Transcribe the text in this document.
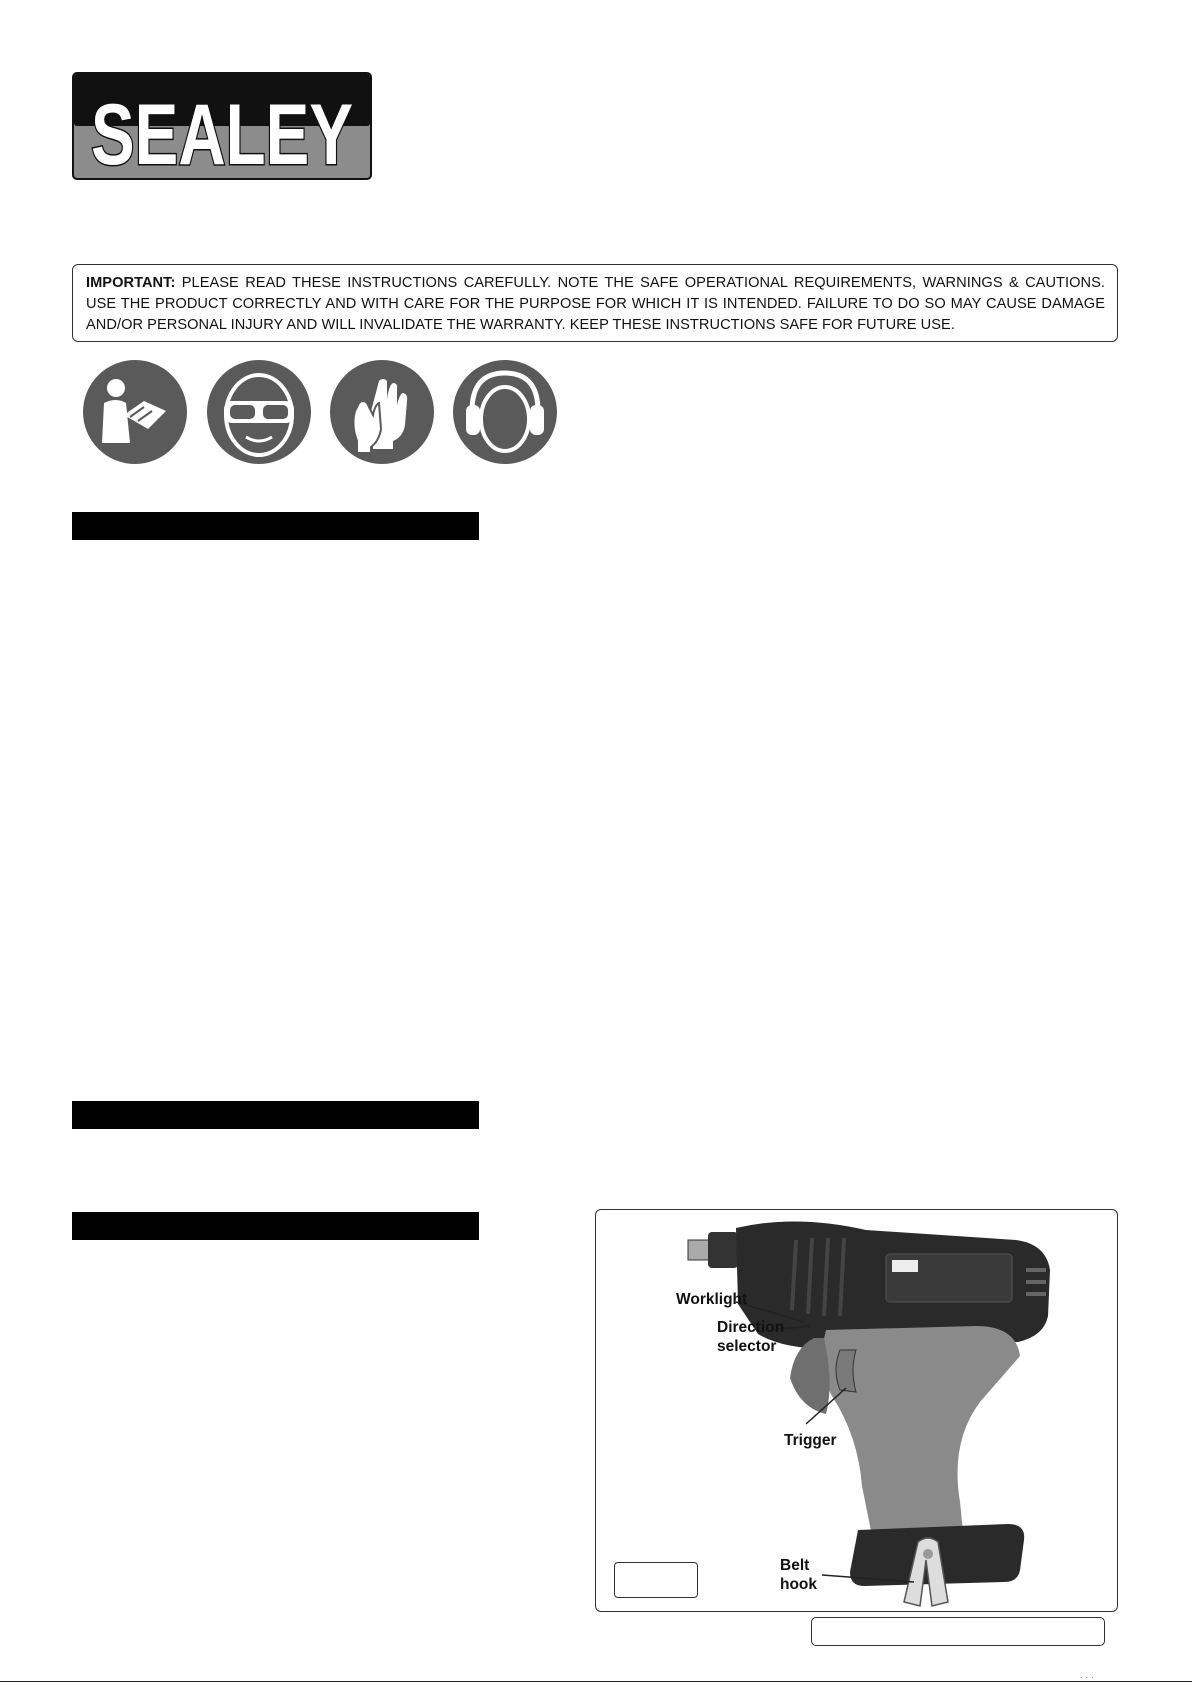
SEALEY
IMPORTANT: PLEASE READ THESE INSTRUCTIONS CAREFULLY. NOTE THE SAFE OPERATIONAL REQUIREMENTS, WARNINGS & CAUTIONS. USE THE PRODUCT CORRECTLY AND WITH CARE FOR THE PURPOSE FOR WHICH IT IS INTENDED. FAILURE TO DO SO MAY CAUSE DAMAGE AND/OR PERSONAL INJURY AND WILL INVALIDATE THE WARRANTY. KEEP THESE INSTRUCTIONS SAFE FOR FUTURE USE.
Worklight
Direction
selector
Trigger
Belt
hook
· · ·
